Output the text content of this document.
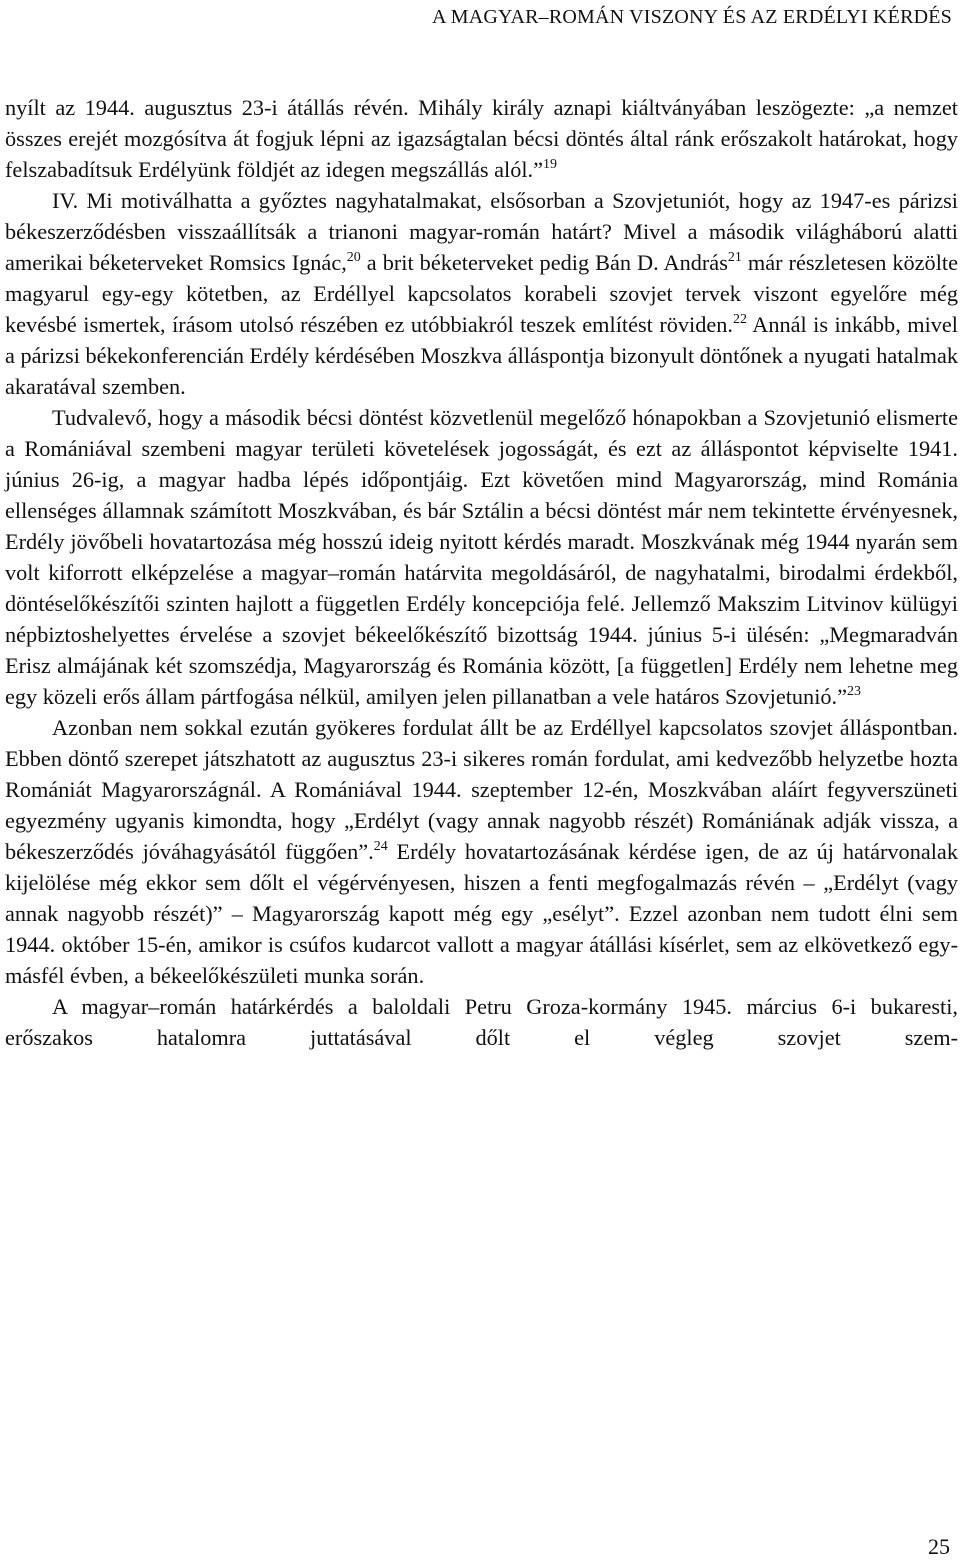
A MAGYAR–ROMÁN VISZONY ÉS AZ ERDÉLYI KÉRDÉS

nyílt az 1944. augusztus 23-i átállás révén. Mihály király aznapi kiáltványában leszögezte: „a nemzet összes erejét mozgósítva át fogjuk lépni az igazságtalan bécsi döntés által ránk erőszakolt határokat, hogy felszabadítsuk Erdélyünk földjét az idegen megszállás alól.”$^{19}$

IV. Mi motiválhatta a győztes nagyhatalmakat, elsősorban a Szovjetuniót, hogy az 1947-es párizsi békeszerződésben visszaállítsák a trianoni magyar-román határt? Mivel a második világháború alatti amerikai béketerveket Romsics Ignác,$^{20}$ a brit béketerveket pedig Bán D. András$^{21}$ már részletesen közölte magyarul egy-egy kötetben, az Erdéllyel kapcsolatos korabeli szovjet tervek viszont egyelőre még kevésbé ismertek, írásom utolsó részében ez utóbbiakról teszek említést röviden.$^{22}$ Annál is inkább, mivel a párizsi békekonferencián Erdély kérdésében Moszkva álláspontja bizonyult döntőnek a nyugati hatalmak akaratával szemben.

Tudvalevő, hogy a második bécsi döntést közvetlenül megelőző hónapokban a Szovjetunió elismerte a Romániával szembeni magyar területi követelések jogosságát, és ezt az álláspontot képviselte 1941. június 26-ig, a magyar hadba lépés időpontjáig. Ezt követően mind Magyarország, mind Románia ellenséges államnak számított Moszkvában, és bár Sztálin a bécsi döntést már nem tekintette érvényesnek, Erdély jövőbeli hovatartozása még hosszú ideig nyitott kérdés maradt. Moszkvának még 1944 nyarán sem volt kiforrott elképzelése a magyar–román határvita megoldásáról, de nagyhatalmi, birodalmi érdekből, döntéselőkészítői szinten hajlott a független Erdély koncepciója felé. Jellemző Makszim Litvinov külügyi népbiztoshelyettes érvelése a szovjet békeelőkészítő bizottság 1944. június 5-i ülésén: „Megmaradván Erisz almájának két szomszédja, Magyarország és Románia között, [a független] Erdély nem lehetne meg egy közeli erős állam pártfogása nélkül, amilyen jelen pillanatban a vele határos Szovjetunió.”$^{23}$

Azonban nem sokkal ezután gyökeres fordulat állt be az Erdéllyel kapcsolatos szovjet álláspontban. Ebben döntő szerepet játszhatott az augusztus 23-i sikeres román fordulat, ami kedvezőbb helyzetbe hozta Romániát Magyarországnál. A Romániával 1944. szeptember 12-én, Moszkvában aláírt fegyverszüneti egyezmény ugyanis kimondta, hogy „Erdélyt (vagy annak nagyobb részét) Romániának adják vissza, a békeszerződés jóváhagyásától függően”.$^{24}$ Erdély hovatartozásának kérdése igen, de az új határvonalak kijelölése még ekkor sem dőlt el végérvényesen, hiszen a fenti megfogalmazás révén – „Erdélyt (vagy annak nagyobb részét)” – Magyarország kapott még egy „esélyt”. Ezzel azonban nem tudott élni sem 1944. október 15-én, amikor is csúfos kudarcot vallott a magyar átállási kísérlet, sem az elkövetkező egy-másfél évben, a békeelőkészületi munka során.

A magyar–román határkérdés a baloldali Petru Groza-kormány 1945. március 6-i bukaresti, erőszakos hatalomra juttatásával dőlt el végleg szovjet szem-

25
